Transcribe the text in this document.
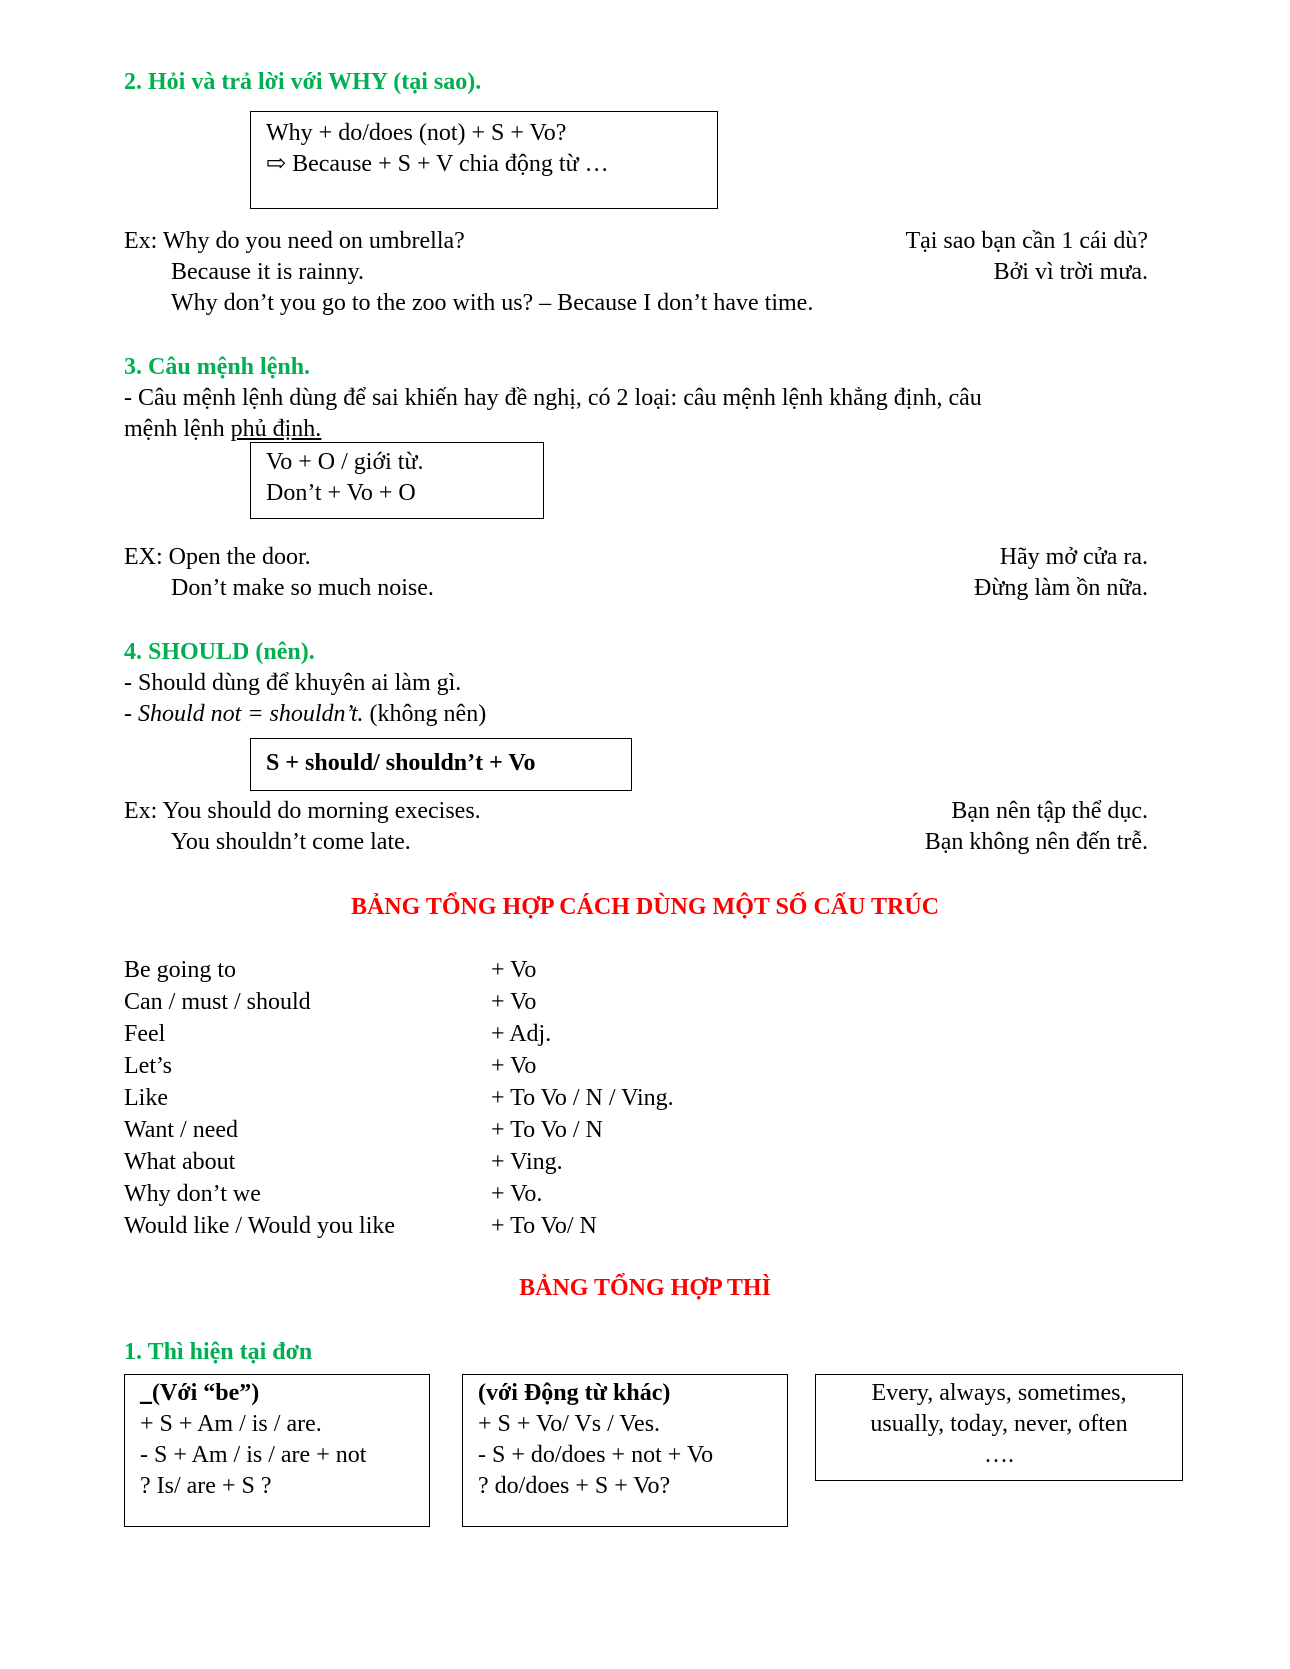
2. Hỏi và trả lời với WHY (tại sao).
Why + do/does (not) + S + Vo?
⇨ Because + S + V chia động từ …
Ex: Why do you need on umbrella?	Tại sao bạn cần 1 cái dù?
Because it is rainny.	Bởi vì trời mưa.
Why don’t you go to the zoo with us? – Because I don’t have time.
3. Câu mệnh lệnh.
- Câu mệnh lệnh dùng để sai khiến hay đề nghị, có 2 loại: câu mệnh lệnh khẳng định, câu
mệnh lệnh phủ định.
Vo + O / giới từ.
Don’t + Vo + O
EX: Open the door.	Hãy mở cửa ra.
Don’t make so much noise.	Đừng làm ồn nữa.
4. SHOULD (nên).
- Should dùng để khuyên ai làm gì.
- Should not = shouldn’t. (không nên)
S + should/ shouldn’t + Vo
Ex: You should do morning execises.	Bạn nên tập thể dục.
You shouldn’t come late.	Bạn không nên đến trễ.
BẢNG TỔNG HỢP CÁCH DÙNG MỘT SỐ CẤU TRÚC
Be going to	+ Vo
Can / must / should	+ Vo
Feel	+ Adj.
Let’s	+ Vo
Like	+ To Vo / N / Ving.
Want / need	+ To Vo / N
What about	+ Ving.
Why don’t we	+ Vo.
Would like / Would you like	+ To Vo/ N
BẢNG TỔNG HỢP THÌ
1. Thì hiện tại đơn
_(Với “be”)
+ S + Am / is / are.
- S + Am / is / are + not
? Is/ are + S ?
(với Động từ khác)
+ S + Vo/ Vs / Ves.
- S + do/does + not + Vo
? do/does + S + Vo?
Every, always, sometimes,
usually, today, never, often
….
